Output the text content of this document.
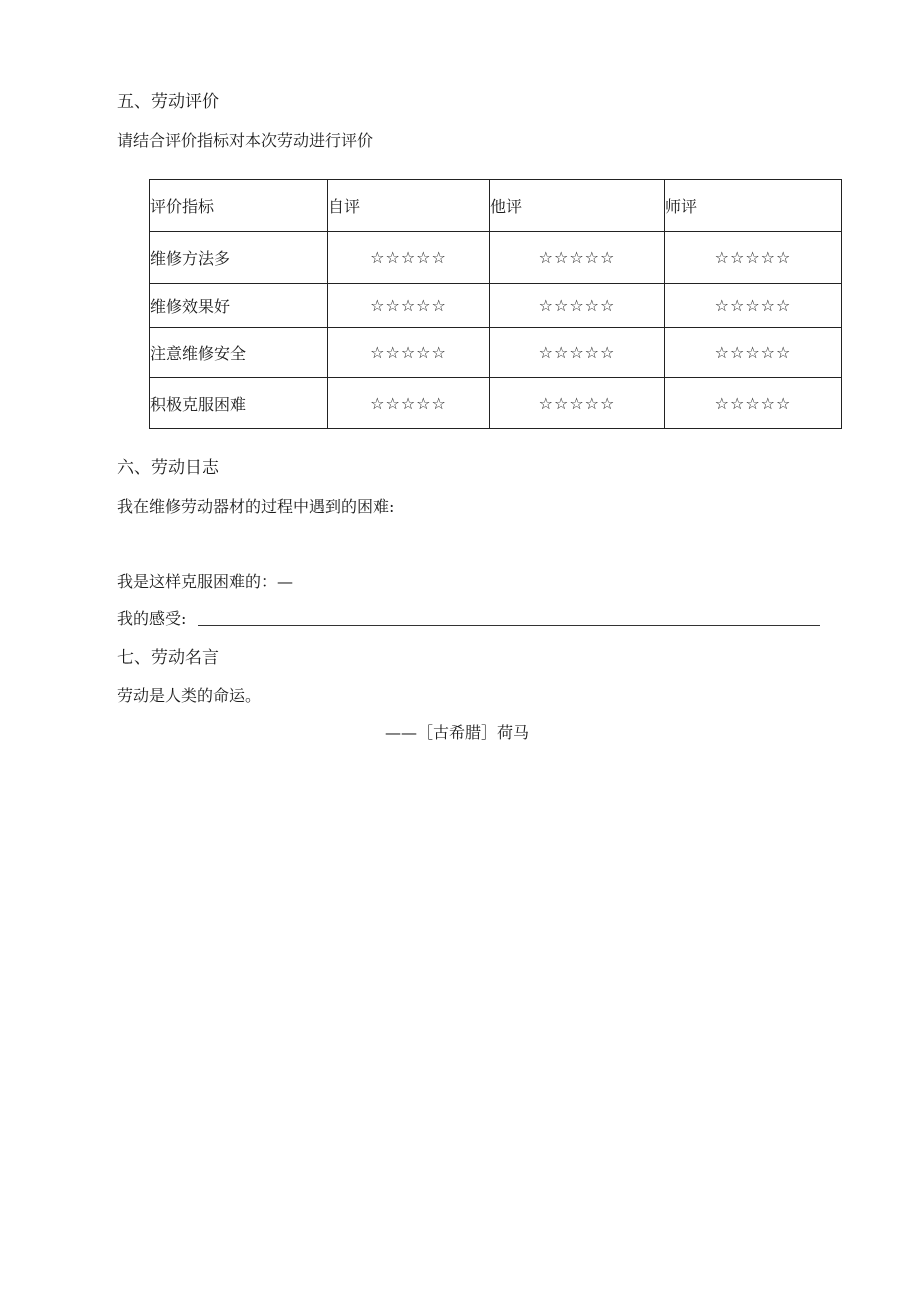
五、劳动评价
请结合评价指标对本次劳动进行评价
评价指标	自评	他评	师评
维修方法多	☆☆☆☆☆	☆☆☆☆☆	☆☆☆☆☆
维修效果好	☆☆☆☆☆	☆☆☆☆☆	☆☆☆☆☆
注意维修安全	☆☆☆☆☆	☆☆☆☆☆	☆☆☆☆☆
积极克服困难	☆☆☆☆☆	☆☆☆☆☆	☆☆☆☆☆
六、劳动日志
我在维修劳动器材的过程中遇到的困难:
我是这样克服困难的：—
我的感受:
七、劳动名言
劳动是人类的命运。
——［古希腊］荷马
